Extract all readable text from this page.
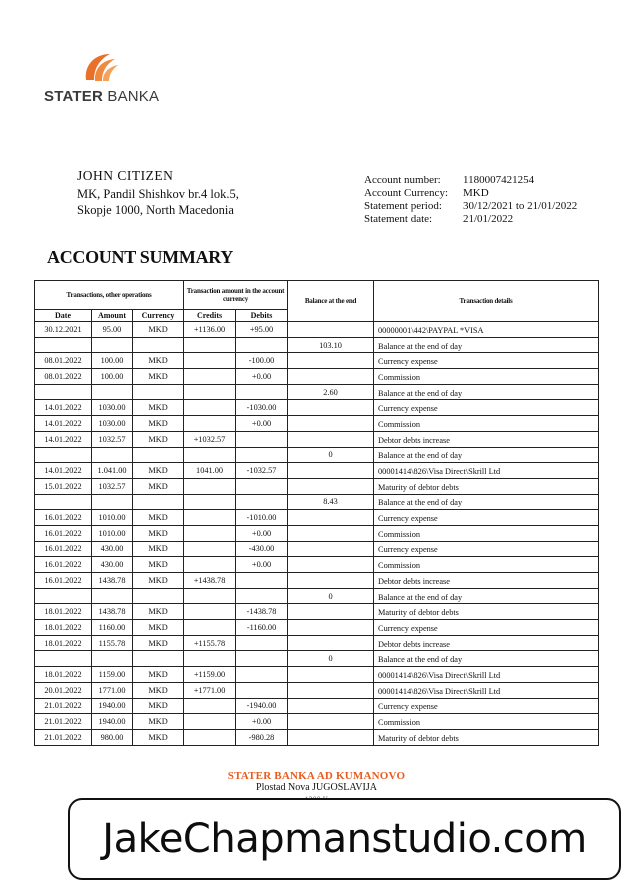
STATER BANKA
JOHN CITIZEN
MK, Pandil Shishkov br.4 lok.5,
Skopje 1000, North Macedonia
Account number:	1180007421254
Account Currency:	MKD
Statement period:	30/12/2021 to 21/01/2022
Statement date:	21/01/2022
ACCOUNT SUMMARY
Transactions, other operations			Transaction amount in the account currency		Balance at the end	Transaction details
Date	Amount	Currency	Credits	Debits		
30.12.2021	95.00	MKD	+1136.00	+95.00		00000001\442\PAYPAL *VISA
					103.10	Balance at the end of day
08.01.2022	100.00	MKD		-100.00		Currency expense
08.01.2022	100.00	MKD		+0.00		Commission
					2.60	Balance at the end of day
14.01.2022	1030.00	MKD		-1030.00		Currency expense
14.01.2022	1030.00	MKD		+0.00		Commission
14.01.2022	1032.57	MKD	+1032.57			Debtor debts increase
					0	Balance at the end of day
14.01.2022	1.041.00	MKD	1041.00	-1032.57		00001414\826\Visa Direct\Skrill Ltd
15.01.2022	1032.57	MKD				Maturity of debtor debts
					8.43	Balance at the end of day
16.01.2022	1010.00	MKD		-1010.00		Currency expense
16.01.2022	1010.00	MKD		+0.00		Commission
16.01.2022	430.00	MKD		-430.00		Currency expense
16.01.2022	430.00	MKD		+0.00		Commission
16.01.2022	1438.78	MKD	+1438.78			Debtor debts increase
					0	Balance at the end of day
18.01.2022	1438.78	MKD		-1438.78		Maturity of debtor debts
18.01.2022	1160.00	MKD		-1160.00		Currency expense
18.01.2022	1155.78	MKD	+1155.78			Debtor debts increase
					0	Balance at the end of day
18.01.2022	1159.00	MKD	+1159.00			00001414\826\Visa Direct\Skrill Ltd
20.01.2022	1771.00	MKD	+1771.00			00001414\826\Visa Direct\Skrill Ltd
21.01.2022	1940.00	MKD		-1940.00		Currency expense
21.01.2022	1940.00	MKD		+0.00		Commission
21.01.2022	980.00	MKD		-980.28		Maturity of debtor debts
STATER BANKA AD KUMANOVO
Plostad Nova JUGOSLAVIJA
JakeChapmanstudio.com
